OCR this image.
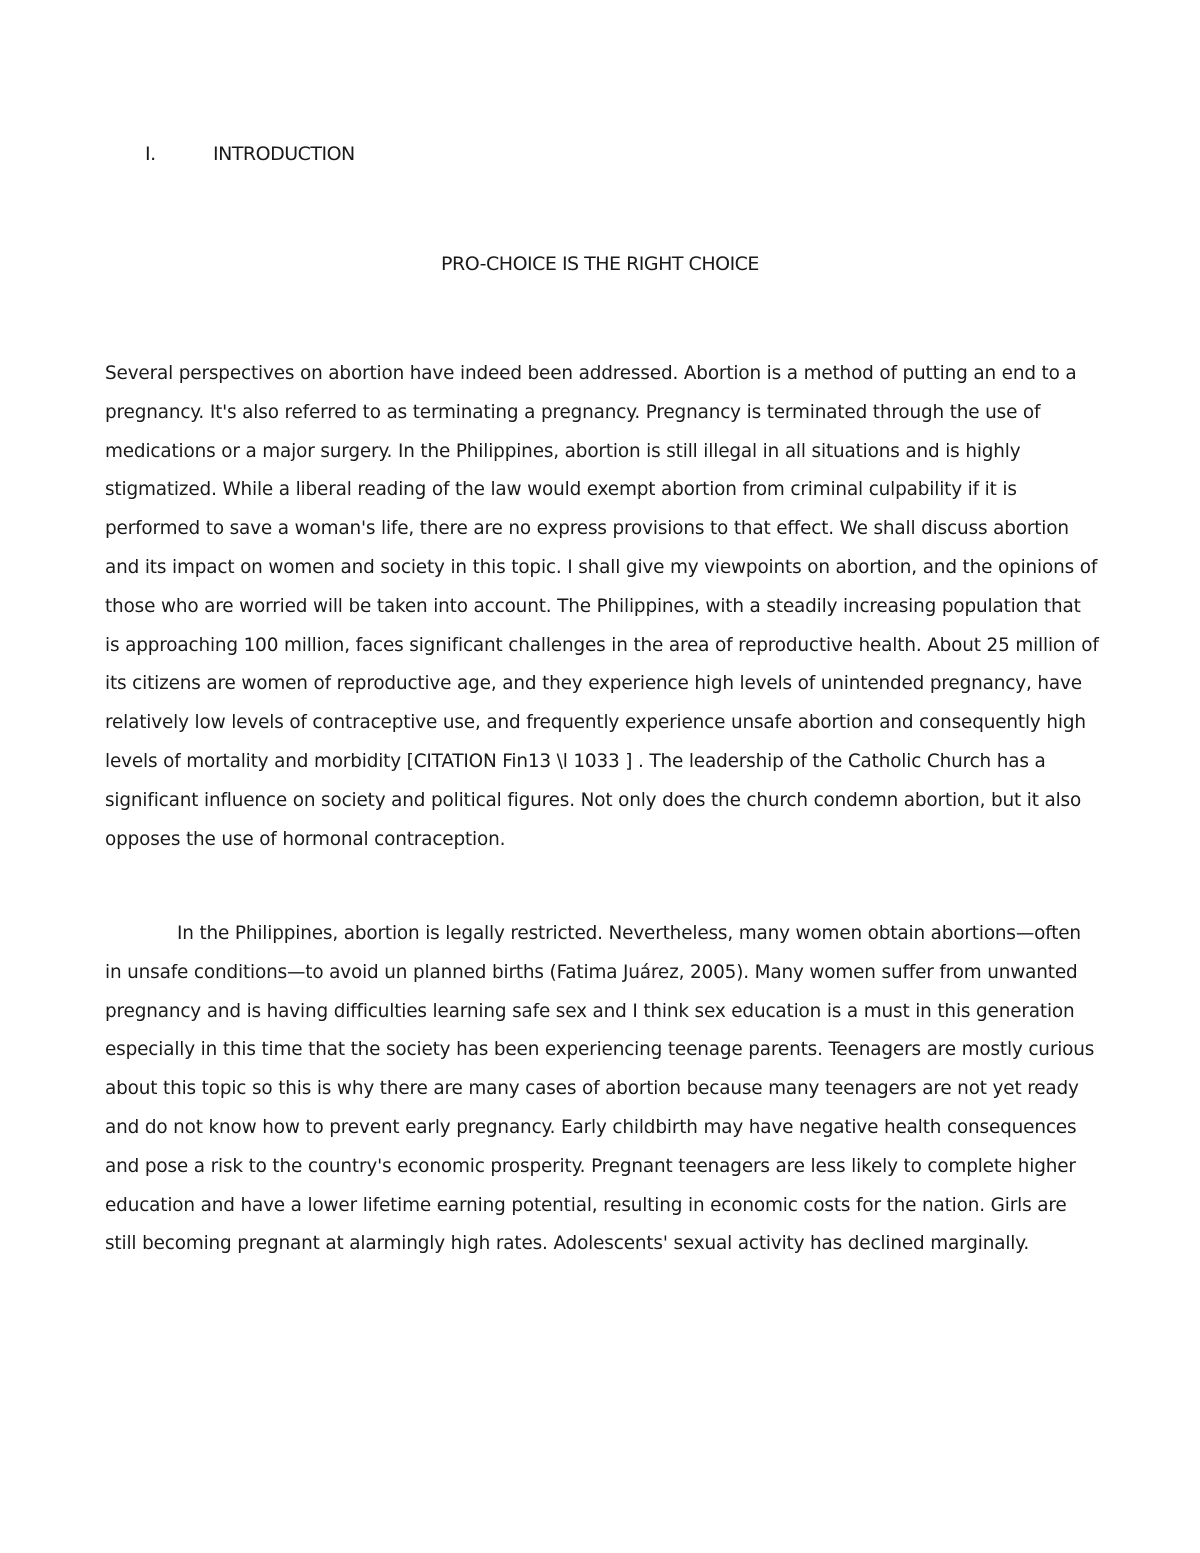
I.	INTRODUCTION
PRO-CHOICE IS THE RIGHT CHOICE

Several perspectives on abortion have indeed been addressed. Abortion is a method of putting an end to a pregnancy. It's also referred to as terminating a pregnancy. Pregnancy is terminated through the use of medications or a major surgery. In the Philippines, abortion is still illegal in all situations and is highly stigmatized. While a liberal reading of the law would exempt abortion from criminal culpability if it is performed to save a woman's life, there are no express provisions to that effect. We shall discuss abortion and its impact on women and society in this topic. I shall give my viewpoints on abortion, and the opinions of those who are worried will be taken into account. The Philippines, with a steadily increasing population that is approaching 100 million, faces significant challenges in the area of reproductive health. About 25 million of its citizens are women of reproductive age, and they experience high levels of unintended pregnancy, have relatively low levels of contraceptive use, and frequently experience unsafe abortion and consequently high levels of mortality and morbidity [CITATION Fin13 \l 1033 ] . The leadership of the Catholic Church has a significant influence on society and political figures. Not only does the church condemn abortion, but it also opposes the use of hormonal contraception.

In the Philippines, abortion is legally restricted. Nevertheless, many women obtain abortions—often in unsafe conditions—to avoid un planned births (Fatima Juárez, 2005). Many women suffer from unwanted pregnancy and is having difficulties learning safe sex and I think sex education is a must in this generation especially in this time that the society has been experiencing teenage parents. Teenagers are mostly curious about this topic so this is why there are many cases of abortion because many teenagers are not yet ready and do not know how to prevent early pregnancy. Early childbirth may have negative health consequences and pose a risk to the country's economic prosperity. Pregnant teenagers are less likely to complete higher education and have a lower lifetime earning potential, resulting in economic costs for the nation. Girls are still becoming pregnant at alarmingly high rates. Adolescents' sexual activity has declined marginally.
